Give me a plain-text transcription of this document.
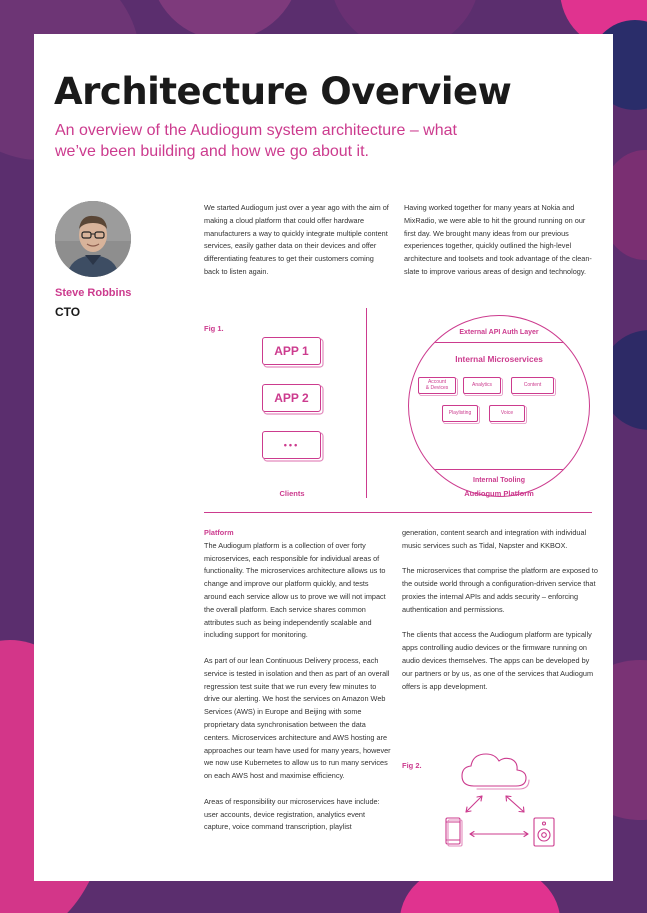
Architecture Overview

An overview of the Audiogum system architecture – what we’ve been building and how we go about it.

Steve Robbins
CTO

We started Audiogum just over a year ago with the aim of making a cloud platform that could offer hardware manufacturers a way to quickly integrate multiple content services, easily gather data on their devices and offer differentiating features to get their customers coming back to listen again.

Having worked together for many years at Nokia and MixRadio, we were able to hit the ground running on our first day. We brought many ideas from our previous experiences together, quickly outlined the high-level architecture and toolsets and took advantage of the clean-slate to improve various areas of design and technology.

Fig 1.
APP 1
APP 2
•••
Clients
External API Auth Layer
Internal Microservices
Account
& Devices	Analytics	Content
Playlisting	Voice
Internal Tooling
Audiogum Platform
Platform

The Audiogum platform is a collection of over forty microservices, each responsible for individual areas of functionality. The microservices architecture allows us to change and improve our platform quickly, and tests around each service allow us to prove we will not impact the overall platform. Each service shares common attributes such as being independently scalable and including support for monitoring.

As part of our lean Continuous Delivery process, each service is tested in isolation and then as part of an overall regression test suite that we run every few minutes to drive our alerting. We host the services on Amazon Web Services (AWS) in Europe and Beijing with some proprietary data synchronisation between the data centers. Microservices architecture and AWS hosting are approaches our team have used for many years, however we now use Kubernetes to allow us to run many services on each AWS host and maximise efficiency.

Areas of responsibility our microservices have include: user accounts, device registration, analytics event capture, voice command transcription, playlist

generation, content search and integration with individual music services such as Tidal, Napster and KKBOX.

The microservices that comprise the platform are exposed to the outside world through a configuration-driven service that proxies the internal APIs and adds security – enforcing authentication and permissions.

The clients that access the Audiogum platform are typically apps controlling audio devices or the firmware running on audio devices themselves. The apps can be developed by our partners or by us, as one of the services that Audiogum offers is app development.

Fig 2.
